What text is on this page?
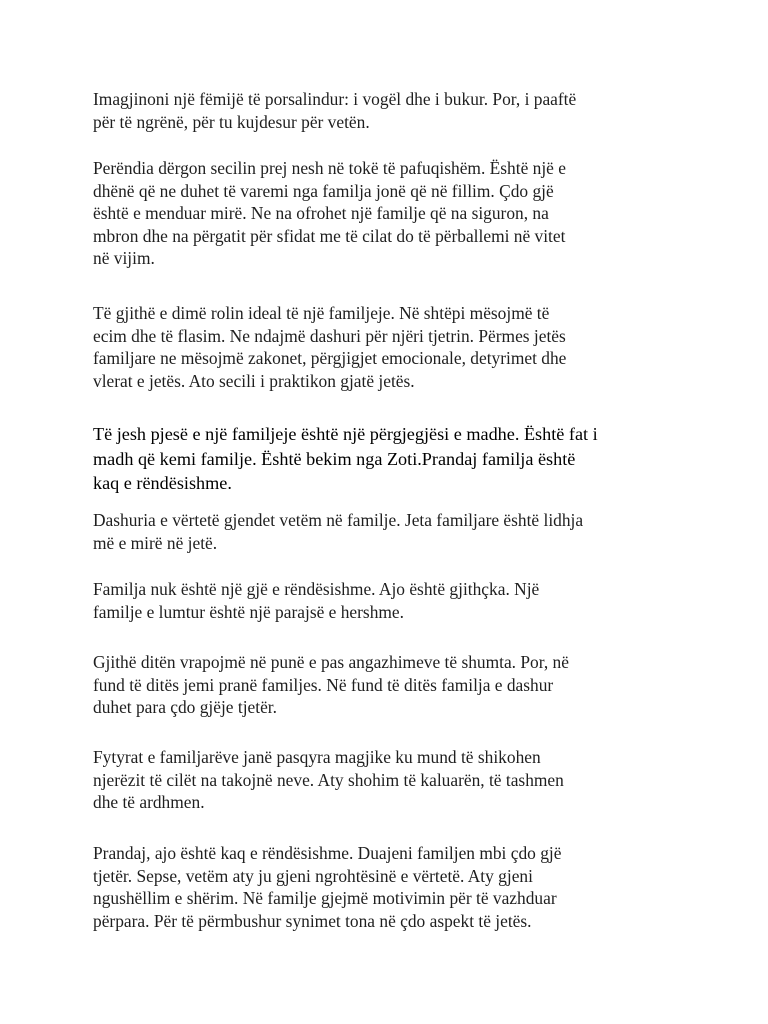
Imagjinoni një fëmijë të porsalindur: i vogël dhe i bukur. Por, i paaftë
për të ngrënë, për tu kujdesur për vetën.

Perëndia dërgon secilin prej nesh në tokë të pafuqishëm. Është një e
dhënë që ne duhet të varemi nga familja jonë që në fillim. Çdo gjë
është e menduar mirë. Ne na ofrohet një familje që na siguron, na
mbron dhe na përgatit për sfidat me të cilat do të përballemi në vitet
në vijim.

Të gjithë e dimë rolin ideal të një familjeje. Në shtëpi mësojmë të
ecim dhe të flasim. Ne ndajmë dashuri për njëri tjetrin. Përmes jetës
familjare ne mësojmë zakonet, përgjigjet emocionale, detyrimet dhe
vlerat e jetës. Ato secili i praktikon gjatë jetës.

Të jesh pjesë e një familjeje është një përgjegjësi e madhe. Është fat i
madh që kemi familje. Është bekim nga Zoti.Prandaj familja është
kaq e rëndësishme.

Dashuria e vërtetë gjendet vetëm në familje. Jeta familjare është lidhja
më e mirë në jetë.

Familja nuk është një gjë e rëndësishme. Ajo është gjithçka. Një
familje e lumtur është një parajsë e hershme.

Gjithë ditën vrapojmë në punë e pas angazhimeve të shumta. Por, në
fund të ditës jemi pranë familjes. Në fund të ditës familja e dashur
duhet para çdo gjëje tjetër.

Fytyrat e familjarëve janë pasqyra magjike ku mund të shikohen
njerëzit të cilët na takojnë neve. Aty shohim të kaluarën, të tashmen
dhe të ardhmen.

Prandaj, ajo është kaq e rëndësishme. Duajeni familjen mbi çdo gjë
tjetër. Sepse, vetëm aty ju gjeni ngrohtësinë e vërtetë. Aty gjeni
ngushëllim e shërim. Në familje gjejmë motivimin për të vazhduar
përpara. Për të përmbushur synimet tona në çdo aspekt të jetës.
